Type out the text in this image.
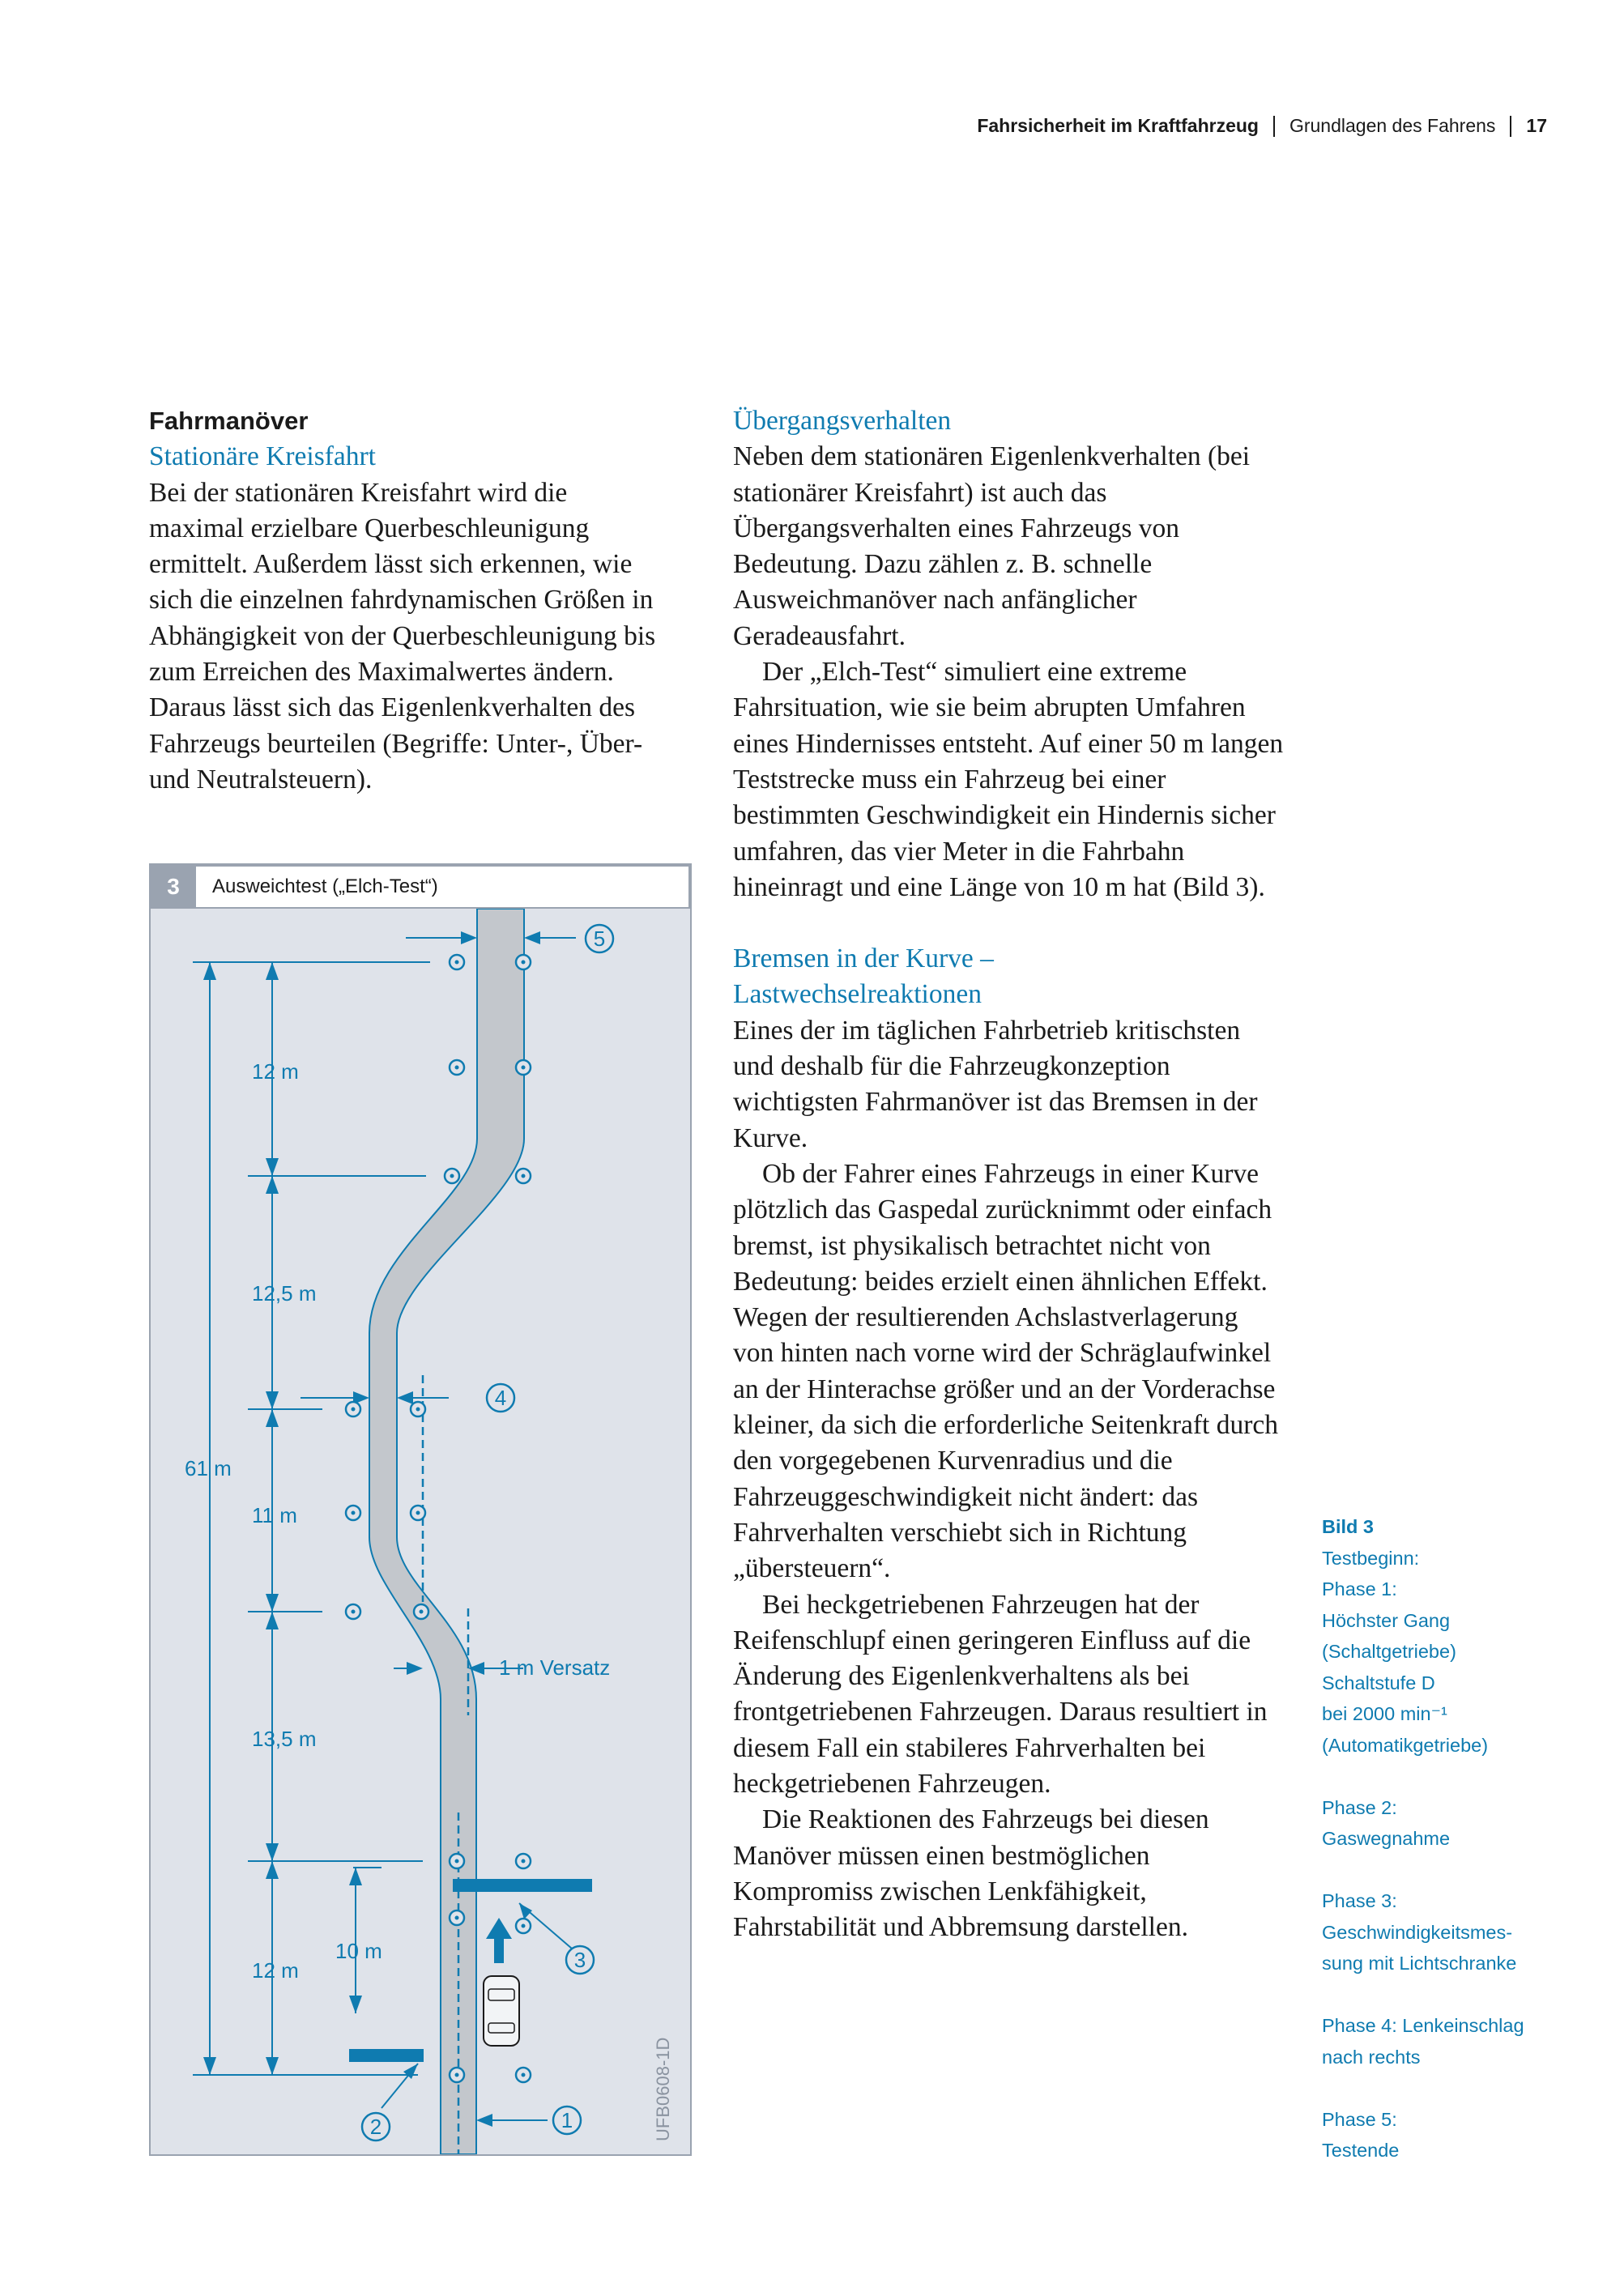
Fahrsicherheit im Kraftfahrzeug Grundlagen des Fahrens 17
Fahrmanöver
Stationäre Kreisfahrt

Bei der stationären Kreisfahrt wird die maximal erzielbare Querbeschleunigung ermittelt. Außerdem lässt sich erkennen, wie sich die einzelnen fahrdynamischen Größen in Abhängigkeit von der Querbeschleunigung bis zum Erreichen des Maximalwertes ändern. Daraus lässt sich das Eigenlenkverhalten des Fahrzeugs beurteilen (Begriffe: Unter-, Über- und Neutralsteuern).

Übergangsverhalten

Neben dem stationären Eigenlenkverhalten (bei stationärer Kreisfahrt) ist auch das Übergangsverhalten eines Fahrzeugs von Bedeutung. Dazu zählen z. B. schnelle Ausweichmanöver nach anfänglicher Geradeausfahrt.

Der „Elch-Test“ simuliert eine extreme Fahrsituation, wie sie beim abrupten Umfahren eines Hindernisses entsteht. Auf einer 50 m langen Teststrecke muss ein Fahrzeug bei einer bestimmten Geschwindigkeit ein Hindernis sicher umfahren, das vier Meter in die Fahrbahn hineinragt und eine Länge von 10 m hat (Bild 3).

Bremsen in der Kurve – Lastwechselreaktionen

Eines der im täglichen Fahrbetrieb kritischsten und deshalb für die Fahrzeugkonzeption wichtigsten Fahrmanöver ist das Bremsen in der Kurve.

Ob der Fahrer eines Fahrzeugs in einer Kurve plötzlich das Gaspedal zurücknimmt oder einfach bremst, ist physikalisch betrachtet nicht von Bedeutung: beides erzielt einen ähnlichen Effekt. Wegen der resultierenden Achslastverlagerung von hinten nach vorne wird der Schräglaufwinkel an der Hinterachse größer und an der Vorderachse kleiner, da sich die erforderliche Seitenkraft durch den vorgegebenen Kurvenradius und die Fahrzeuggeschwindigkeit nicht ändert: das Fahrverhalten verschiebt sich in Richtung „übersteuern“.

Bei heckgetriebenen Fahrzeugen hat der Reifenschlupf einen geringeren Einfluss auf die Änderung des Eigenlenkverhaltens als bei frontgetriebenen Fahrzeugen. Daraus resultiert in diesem Fall ein stabileres Fahrverhalten bei heckgetriebenen Fahrzeugen.

Die Reaktionen des Fahrzeugs bei diesen Manöver müssen einen bestmöglichen Kompromiss zwischen Lenkfähigkeit, Fahrstabilität und Abbremsung darstellen.

5
4
3
2	1
12 m
12,5 m
11 m
13,5 m
12 m
61 m
10 m
1 m Versatz
UFB0608-1D
3	Ausweichtest („Elch-Test“)
Bild 3
Testbeginn:
Phase 1:
Höchster Gang
(Schaltgetriebe)
Schaltstufe D
bei 2000 min⁻¹
(Automatikgetriebe)
Phase 2:
Gaswegnahme
Phase 3:
Geschwindigkeitsmes-
sung mit Lichtschranke
Phase 4: Lenkeinschlag
nach rechts
Phase 5:
Testende
